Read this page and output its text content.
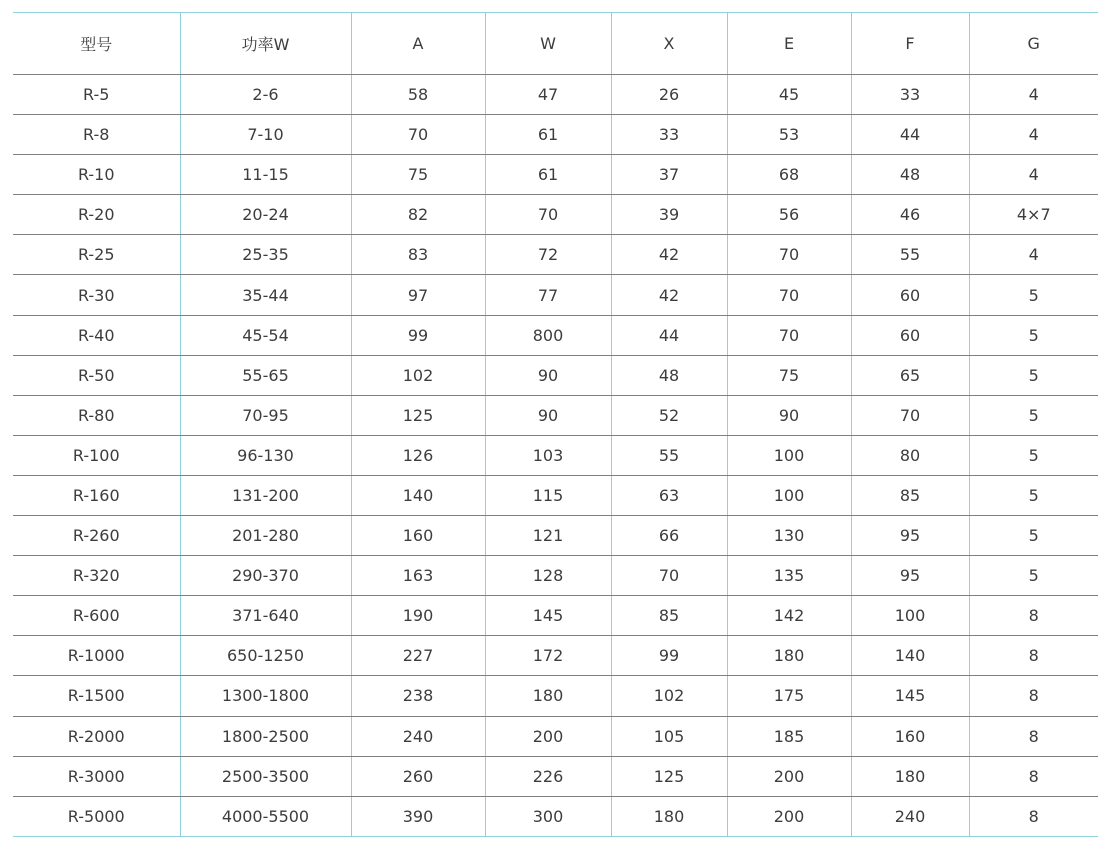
型号	功率W	A	W	X	E	F	G
R-5	2-6	58	47	26	45	33	4
R-8	7-10	70	61	33	53	44	4
R-10	11-15	75	61	37	68	48	4
R-20	20-24	82	70	39	56	46	4×7
R-25	25-35	83	72	42	70	55	4
R-30	35-44	97	77	42	70	60	5
R-40	45-54	99	800	44	70	60	5
R-50	55-65	102	90	48	75	65	5
R-80	70-95	125	90	52	90	70	5
R-100	96-130	126	103	55	100	80	5
R-160	131-200	140	115	63	100	85	5
R-260	201-280	160	121	66	130	95	5
R-320	290-370	163	128	70	135	95	5
R-600	371-640	190	145	85	142	100	8
R-1000	650-1250	227	172	99	180	140	8
R-1500	1300-1800	238	180	102	175	145	8
R-2000	1800-2500	240	200	105	185	160	8
R-3000	2500-3500	260	226	125	200	180	8
R-5000	4000-5500	390	300	180	200	240	8
